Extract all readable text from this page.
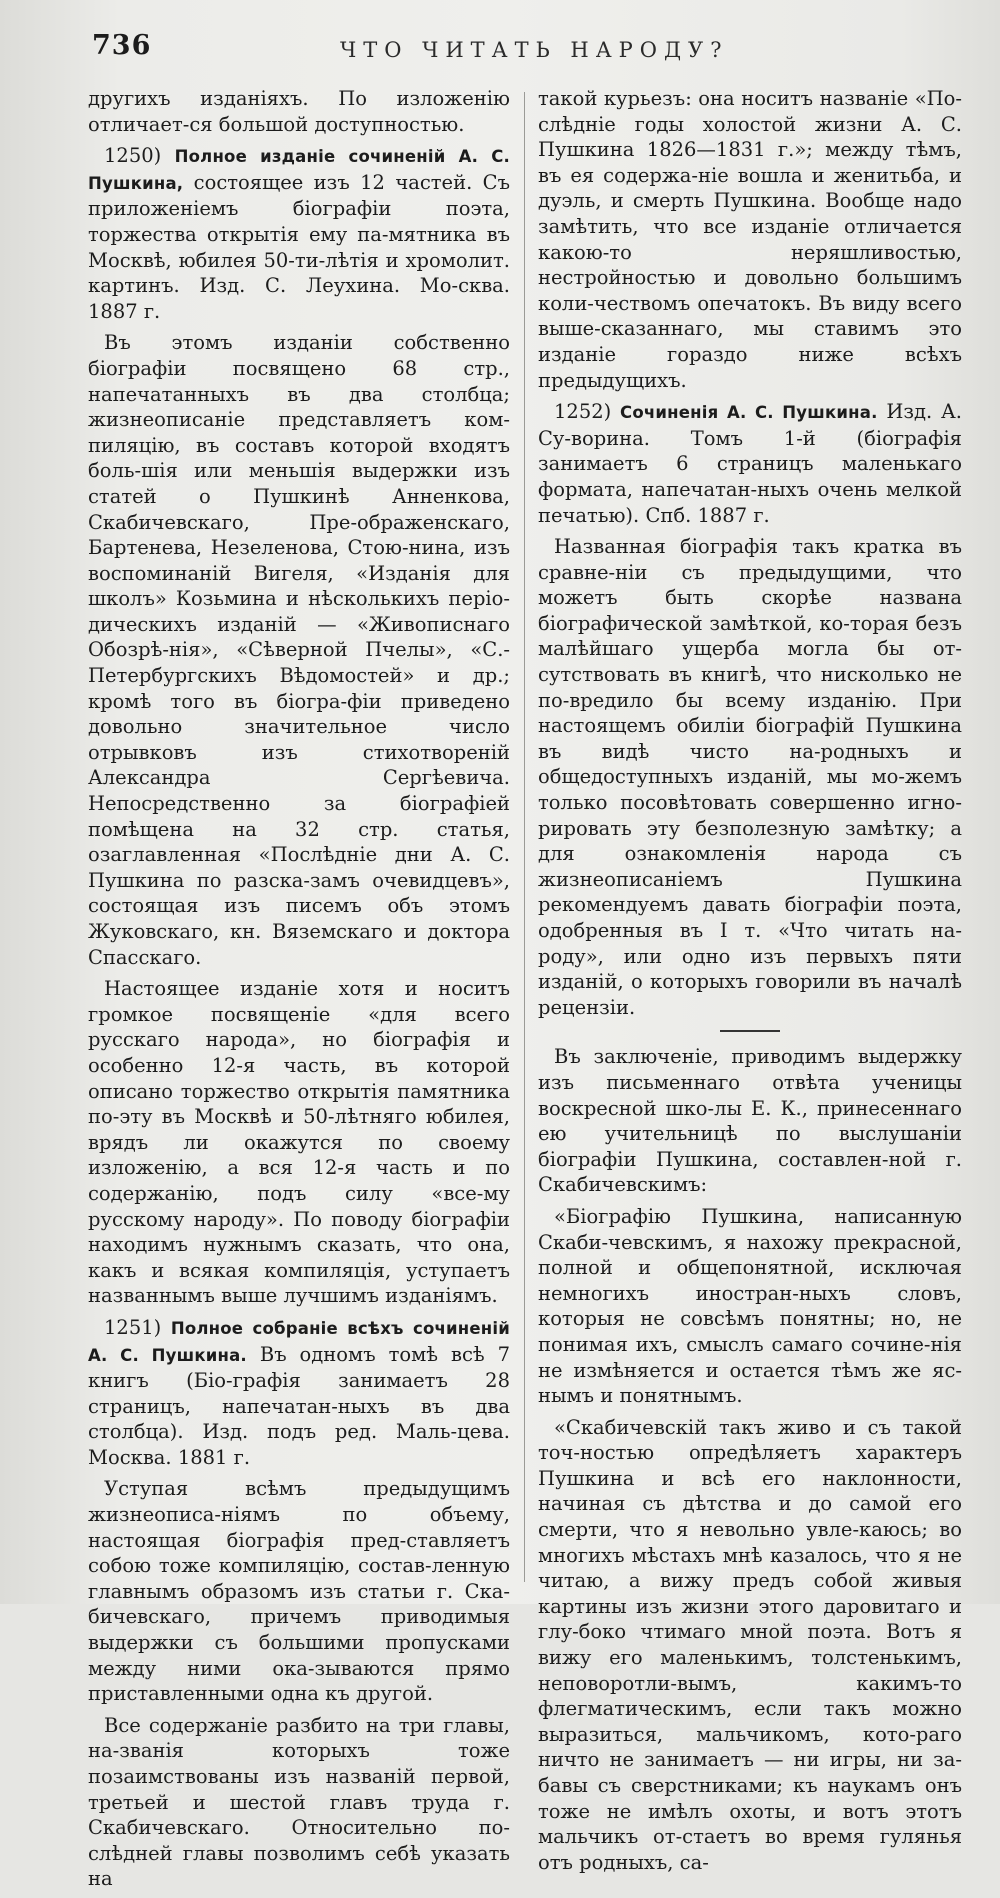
736	ЧТО ЧИТАТЬ НАРОДУ?

другихъ изданіяхъ. По изложенію отличает-ся большой доступностью.

1250) Полное изданіе сочиненій А. С. Пушкина, состоящее изъ 12 частей. Съ приложеніемъ біографіи поэта, торжества открытія ему па-мятника въ Москвѣ, юбилея 50-ти-лѣтія и хромолит. картинъ. Изд. С. Леухина. Мо-сква. 1887 г.

Въ этомъ изданіи собственно біографіи посвящено 68 стр., напечатанныхъ въ два столбца; жизнеописаніе представляетъ ком-пиляцію, въ составъ которой входятъ боль-шія или меньшія выдержки изъ статей о Пушкинѣ Анненкова, Скабичевскаго, Пре-ображенскаго, Бартенева, Незеленова, Стою-нина, изъ воспоминаній Вигеля, «Изданія для школъ» Козьмина и нѣсколькихъ періо-дическихъ изданій — «Живописнаго Обозрѣ-нія», «Сѣверной Пчелы», «С.-Петербургскихъ Вѣдомостей» и др.; кромѣ того въ біогра-фіи приведено довольно значительное число отрывковъ изъ стихотвореній Александра Сергѣевича. Непосредственно за біографіей помѣщена на 32 стр. статья, озаглавленная «Послѣдніе дни А. С. Пушкина по разска-замъ очевидцевъ», состоящая изъ писемъ объ этомъ Жуковскаго, кн. Вяземскаго и доктора Спасскаго.

Настоящее изданіе хотя и носитъ громкое посвященіе «для всего русскаго народа», но біографія и особенно 12-я часть, въ которой описано торжество открытія памятника по-эту въ Москвѣ и 50-лѣтняго юбилея, врядъ ли окажутся по своему изложенію, а вся 12-я часть и по содержанію, подъ силу «все-му русскому народу». По поводу біографіи находимъ нужнымъ сказать, что она, какъ и всякая компиляція, уступаетъ названнымъ выше лучшимъ изданіямъ.

1251) Полное собраніе всѣхъ сочиненій А. С. Пушкина. Въ одномъ томѣ всѣ 7 книгъ (Біо-графія занимаетъ 28 страницъ, напечатан-ныхъ въ два столбца). Изд. подъ ред. Маль-цева. Москва. 1881 г.

Уступая всѣмъ предыдущимъ жизнеописа-ніямъ по объему, настоящая біографія пред-ставляетъ собою тоже компиляцію, состав-ленную главнымъ образомъ изъ статьи г. Ска-бичевскаго, причемъ приводимыя выдержки съ большими пропусками между ними ока-зываются прямо приставленными одна къ другой.

Все содержаніе разбито на три главы, на-званія которыхъ тоже позаимствованы изъ названій первой, третьей и шестой главъ труда г. Скабичевскаго. Относительно по-слѣдней главы позволимъ себѣ указать на

такой курьезъ: она носитъ названіе «По-слѣдніе годы холостой жизни А. С. Пушкина 1826—1831 г.»; между тѣмъ, въ ея содержа-ніе вошла и женитьба, и дуэль, и смерть Пушкина. Вообще надо замѣтить, что все изданіе отличается какою-то неряшливостью, нестройностью и довольно большимъ коли-чествомъ опечатокъ. Въ виду всего выше-сказаннаго, мы ставимъ это изданіе гораздо ниже всѣхъ предыдущихъ.

1252) Сочиненія А. С. Пушкина. Изд. А. Су-ворина. Томъ 1-й (біографія занимаетъ 6 страницъ маленькаго формата, напечатан-ныхъ очень мелкой печатью). Спб. 1887 г.

Названная біографія такъ кратка въ сравне-ніи съ предыдущими, что можетъ быть скорѣе названа біографической замѣткой, ко-торая безъ малѣйшаго ущерба могла бы от-сутствовать въ книгѣ, что нисколько не по-вредило бы всему изданію. При настоящемъ обиліи біографій Пушкина въ видѣ чисто на-родныхъ и общедоступныхъ изданій, мы мо-жемъ только посовѣтовать совершенно игно-рировать эту безполезную замѣтку; а для ознакомленія народа съ жизнеописаніемъ Пушкина рекомендуемъ давать біографіи поэта, одобренныя въ I т. «Что читать на-роду», или одно изъ первыхъ пяти изданій, о которыхъ говорили въ началѣ рецензіи.

Въ заключеніе, приводимъ выдержку изъ письменнаго отвѣта ученицы воскресной шко-лы Е. К., принесеннаго ею учительницѣ по выслушаніи біографіи Пушкина, составлен-ной г. Скабичевскимъ:

«Біографію Пушкина, написанную Скаби-чевскимъ, я нахожу прекрасной, полной и общепонятной, исключая немногихъ иностран-ныхъ словъ, которыя не совсѣмъ понятны; но, не понимая ихъ, смыслъ самаго сочине-нія не измѣняется и остается тѣмъ же яс-нымъ и понятнымъ.

«Скабичевскій такъ живо и съ такой точ-ностью опредѣляетъ характеръ Пушкина и всѣ его наклонности, начиная съ дѣтства и до самой его смерти, что я невольно увле-каюсь; во многихъ мѣстахъ мнѣ казалось, что я не читаю, а вижу предъ собой живыя картины изъ жизни этого даровитаго и глу-боко чтимаго мной поэта. Вотъ я вижу его маленькимъ, толстенькимъ, неповоротли-вымъ, какимъ-то флегматическимъ, если такъ можно выразиться, мальчикомъ, кото-раго ничто не занимаетъ — ни игры, ни за-бавы съ сверстниками; къ наукамъ онъ тоже не имѣлъ охоты, и вотъ этотъ мальчикъ от-стаетъ во время гулянья отъ родныхъ, са-
